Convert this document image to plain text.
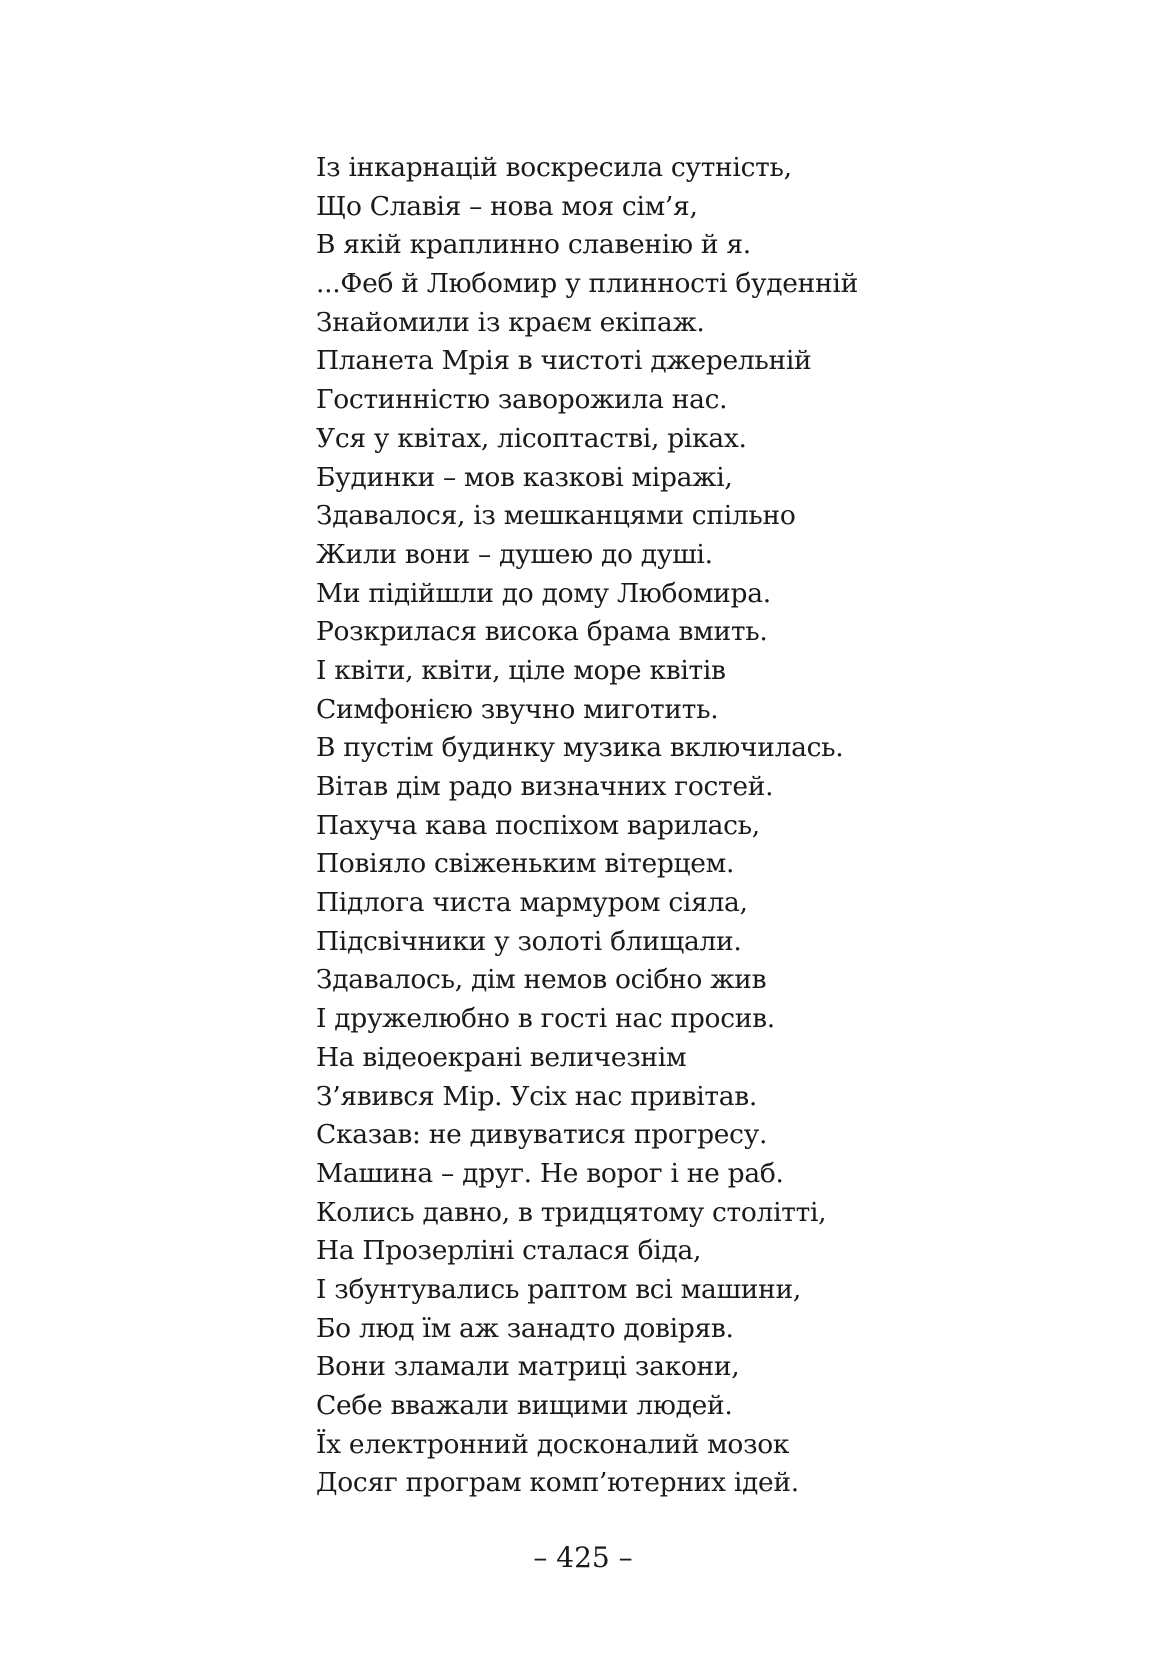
Із інкарнацій воскресила сутність,
Що Славія – нова моя сім’я,
В якій краплинно славенію й я.
...Феб й Любомир у плинності буденній
Знайомили із краєм екіпаж.
Планета Мрія в чистоті джерельній
Гостинністю заворожила нас.
Уся у квітах, лісоптастві, ріках.
Будинки – мов казкові міражі,
Здавалося, із мешканцями спільно
Жили вони – душею до душі.
Ми підійшли до дому Любомира.
Розкрилася висока брама вмить.
І квіти, квіти, ціле море квітів
Симфонією звучно миготить.
В пустім будинку музика включилась.
Вітав дім радо визначних гостей.
Пахуча кава поспіхом варилась,
Повіяло свіженьким вітерцем.
Підлога чиста мармуром сіяла,
Підсвічники у золоті блищали.
Здавалось, дім немов осібно жив
І дружелюбно в гості нас просив.
На відеоекрані величезнім
З’явився Мір. Усіх нас привітав.
Сказав: не дивуватися прогресу.
Машина – друг. Не ворог і не раб.
Колись давно, в тридцятому столітті,
На Прозерліні сталася біда,
І збунтувались раптом всі машини,
Бо люд їм аж занадто довіряв.
Вони зламали матриці закони,
Себе вважали вищими людей.
Їх електронний досконалий мозок
Досяг програм комп’ютерних ідей.
– 425 –
